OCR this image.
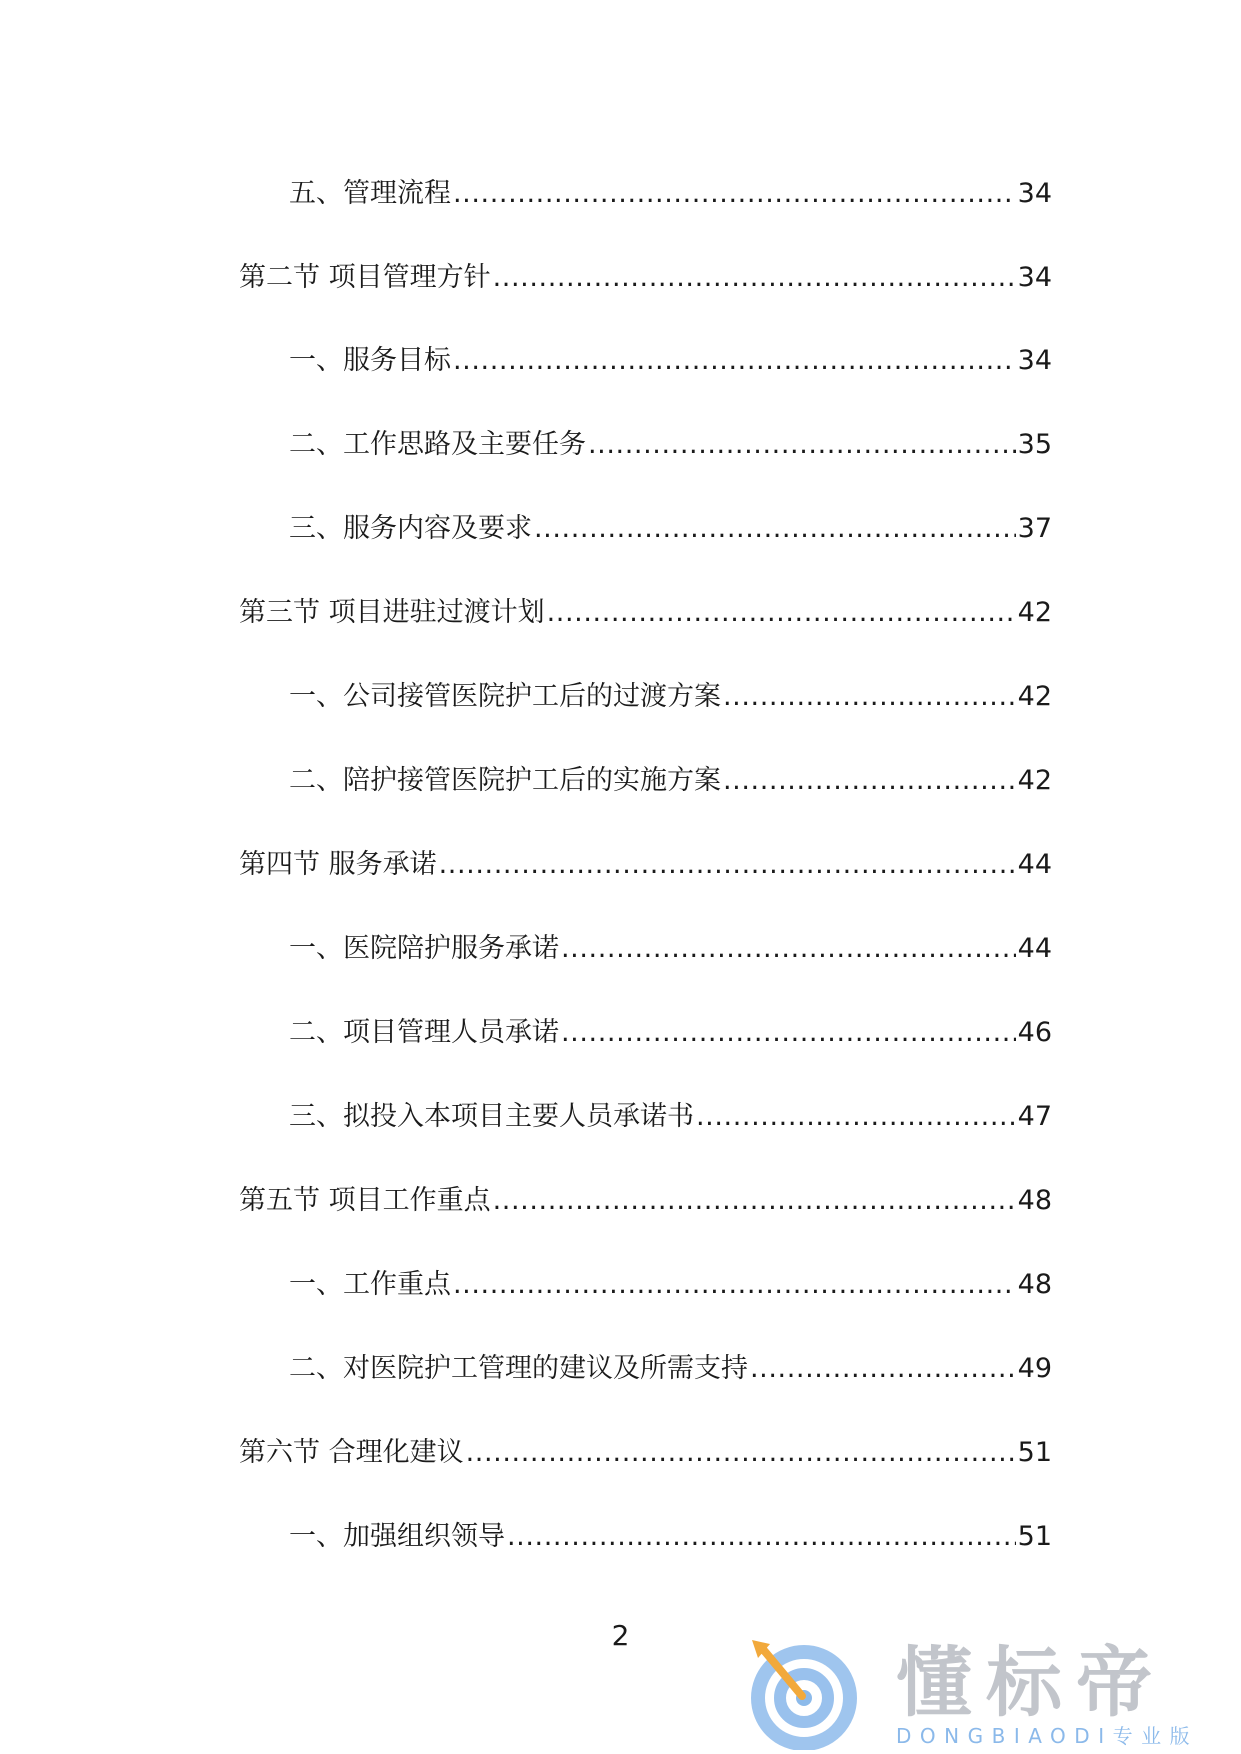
五、管理流程 .....	34
第二节 项目管理方针 .....	34
一、服务目标 .....	34
二、工作思路及主要任务 .....	35
三、服务内容及要求 .....	37
第三节 项目进驻过渡计划 .....	42
一、公司接管医院护工后的过渡方案 .....	42
二、陪护接管医院护工后的实施方案 .....	42
第四节 服务承诺 .....	44
一、医院陪护服务承诺 .....	44
二、项目管理人员承诺 .....	46
三、拟投入本项目主要人员承诺书 .....	47
第五节 项目工作重点 .....	48
一、工作重点 .....	48
二、对医院护工管理的建议及所需支持 .....	49
第六节 合理化建议 .....	51
一、加强组织领导 .....	51
2
懂标帝
DONGBIAODI专业版
